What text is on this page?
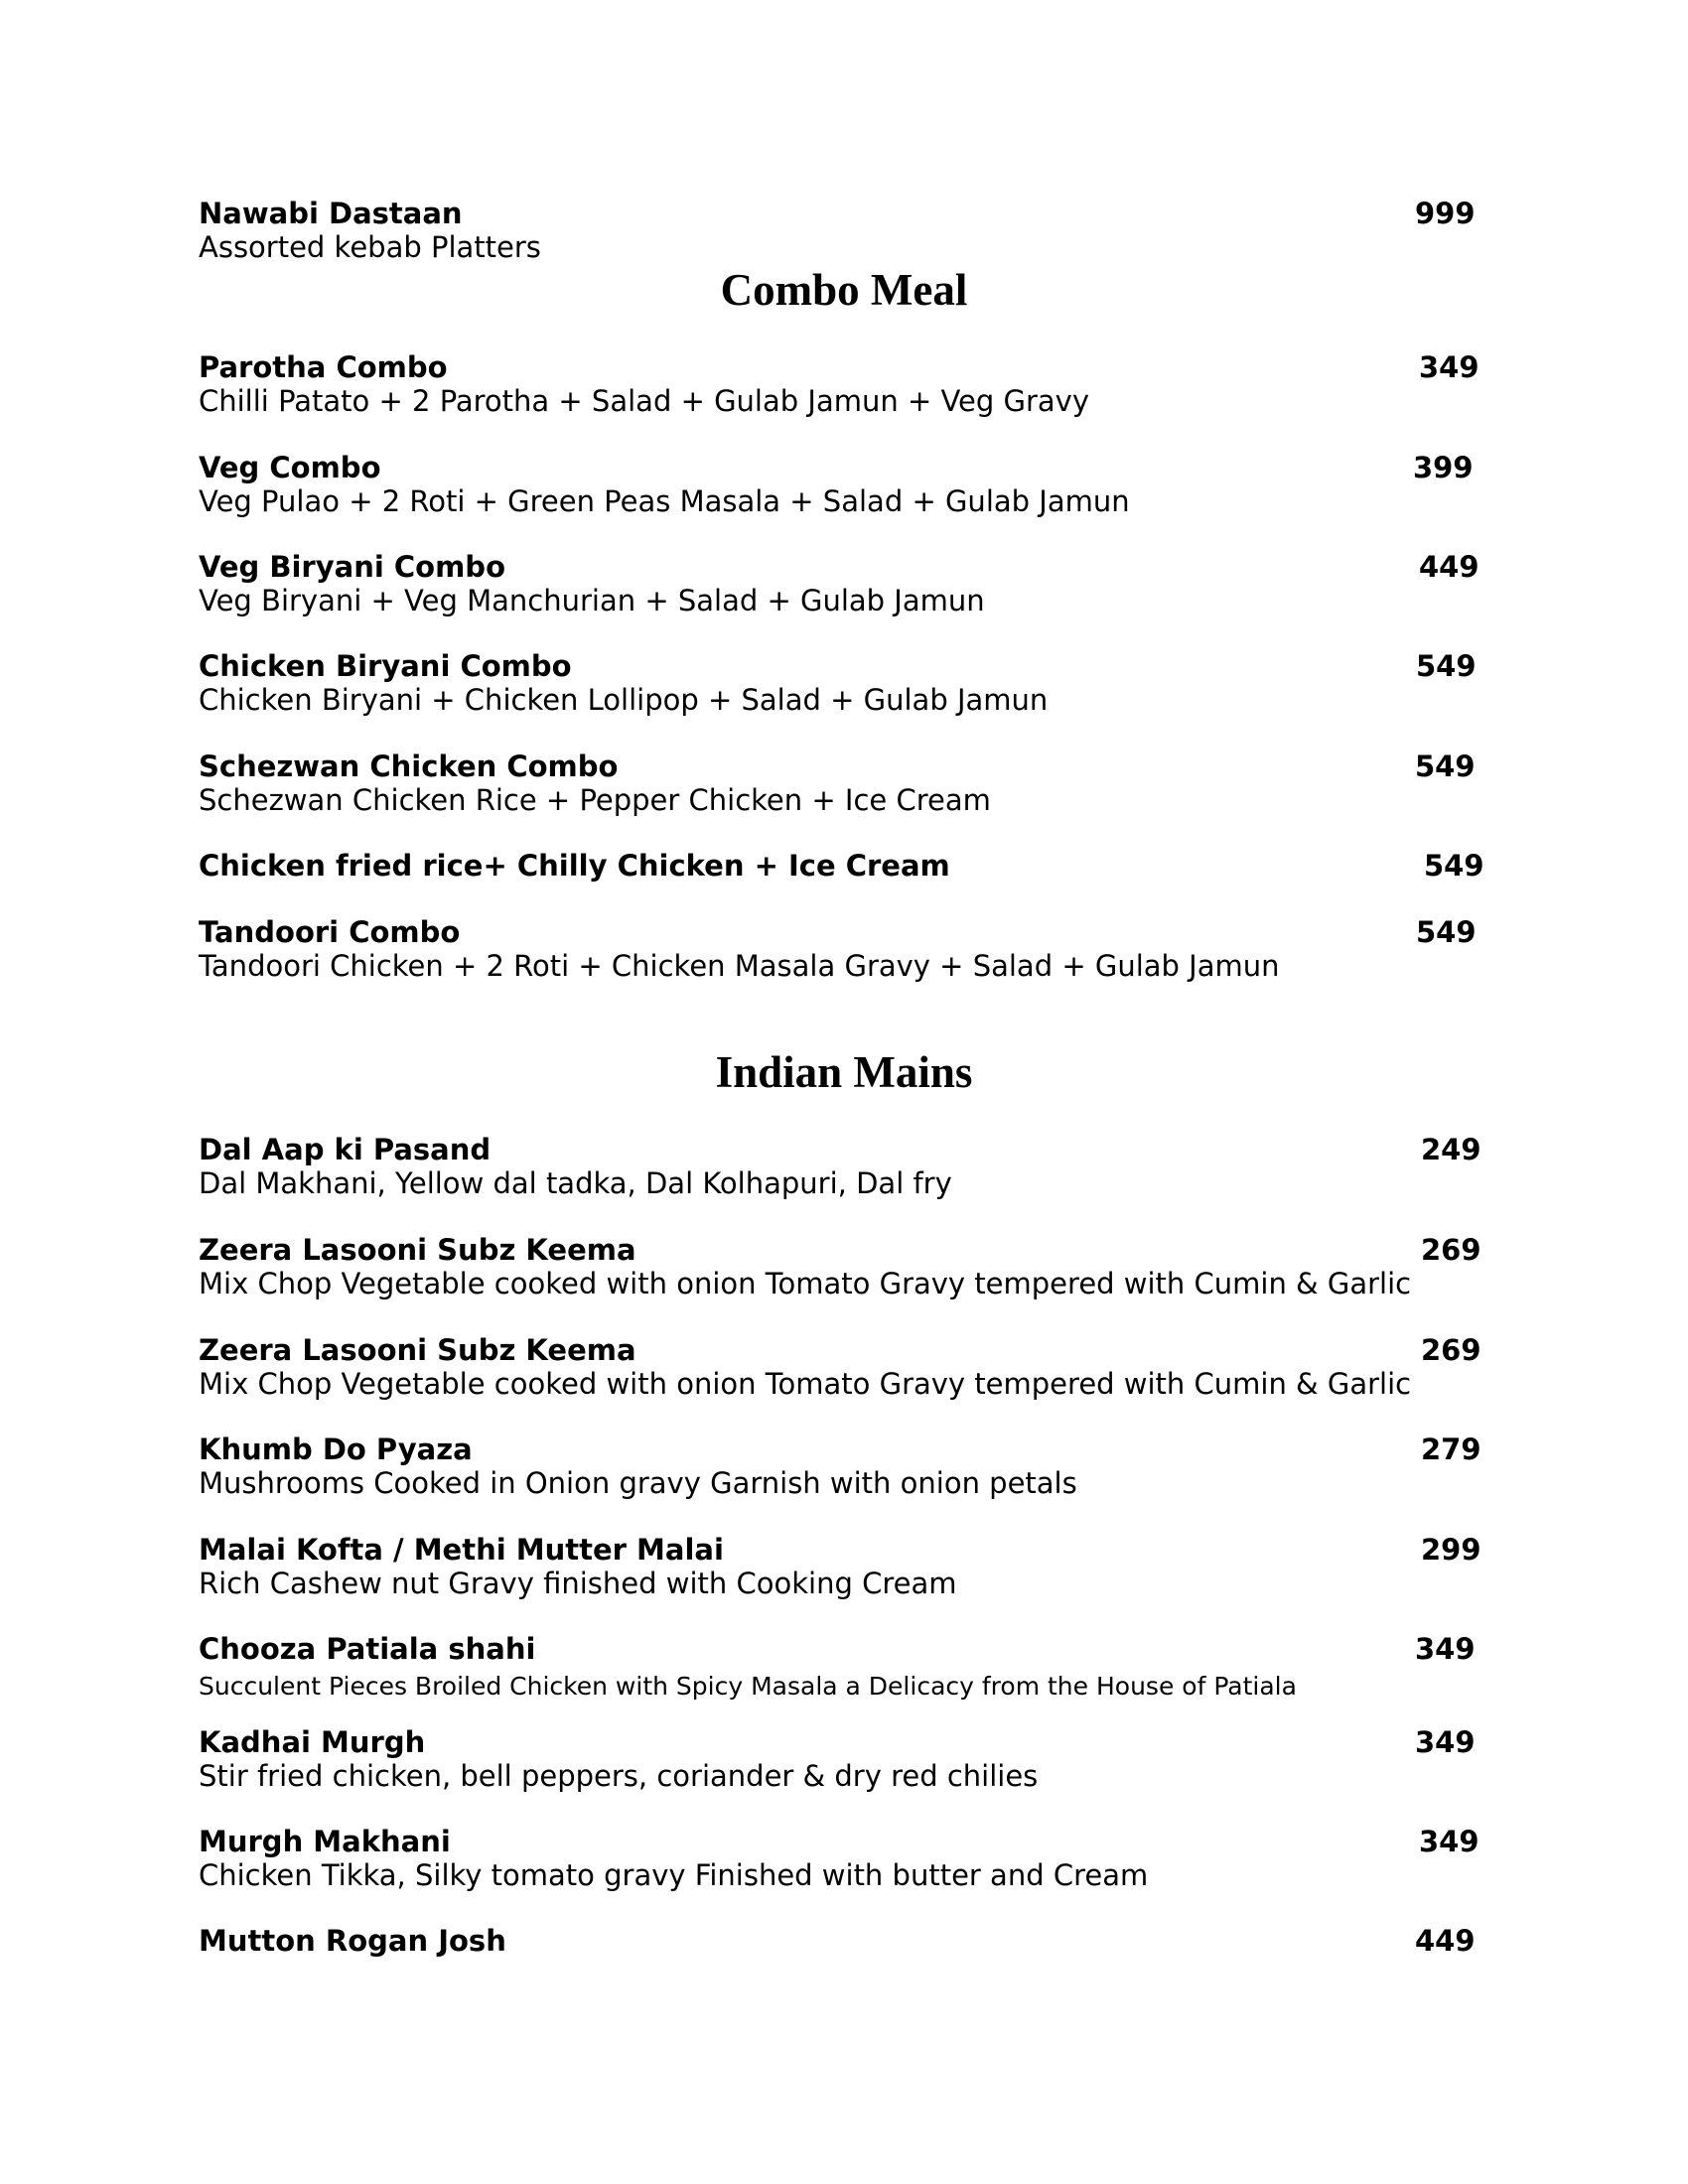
Nawabi Dastaan	999
Assorted kebab Platters
Combo Meal
Parotha Combo	349
Chilli Patato + 2 Parotha + Salad + Gulab Jamun + Veg Gravy
Veg Combo	399
Veg Pulao + 2 Roti + Green Peas Masala + Salad + Gulab Jamun
Veg Biryani Combo	449
Veg Biryani + Veg Manchurian + Salad + Gulab Jamun
Chicken Biryani Combo	549
Chicken Biryani + Chicken Lollipop + Salad + Gulab Jamun
Schezwan Chicken Combo	549
Schezwan Chicken Rice + Pepper Chicken + Ice Cream
Chicken fried rice+ Chilly Chicken + Ice Cream	549
Tandoori Combo	549
Tandoori Chicken + 2 Roti + Chicken Masala Gravy + Salad + Gulab Jamun
Indian Mains
Dal Aap ki Pasand	249
Dal Makhani, Yellow dal tadka, Dal Kolhapuri, Dal fry
Zeera Lasooni Subz Keema	269
Mix Chop Vegetable cooked with onion Tomato Gravy tempered with Cumin & Garlic
Zeera Lasooni Subz Keema	269
Mix Chop Vegetable cooked with onion Tomato Gravy tempered with Cumin & Garlic
Khumb Do Pyaza	279
Mushrooms Cooked in Onion gravy Garnish with onion petals
Malai Kofta / Methi Mutter Malai	299
Rich Cashew nut Gravy finished with Cooking Cream
Chooza Patiala shahi	349
Succulent Pieces Broiled Chicken with Spicy Masala a Delicacy from the House of Patiala
Kadhai Murgh	349
Stir fried chicken, bell peppers, coriander & dry red chilies
Murgh Makhani	349
Chicken Tikka, Silky tomato gravy Finished with butter and Cream
Mutton Rogan Josh	449
